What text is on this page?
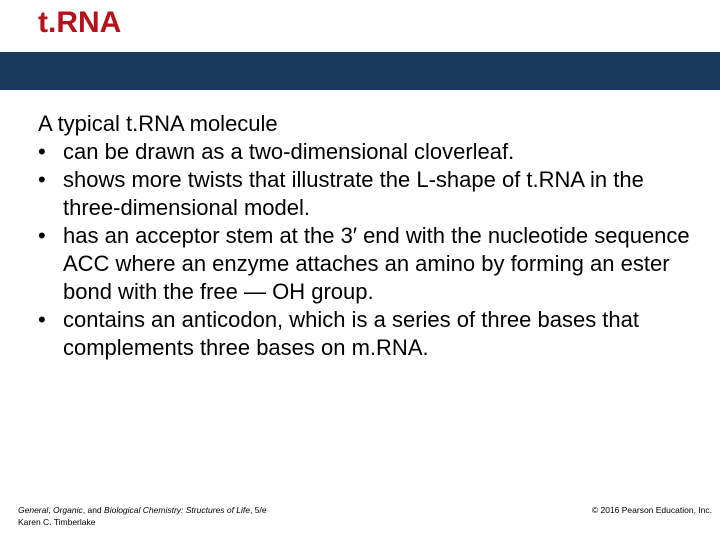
t.RNA

A typical t.RNA molecule

• can be drawn as a two-dimensional cloverleaf.
• shows more twists that illustrate the L-shape of t.RNA in the three-dimensional model.
• has an acceptor stem at the 3′ end with the nucleotide sequence ACC where an enzyme attaches an amino by forming an ester bond with the free — OH group.
• contains an anticodon, which is a series of three bases that complements three bases on m.RNA.
General, Organic, and Biological Chemistry: Structures of Life, 5/e
Karen C. Timberlake
© 2016 Pearson Education, Inc.
